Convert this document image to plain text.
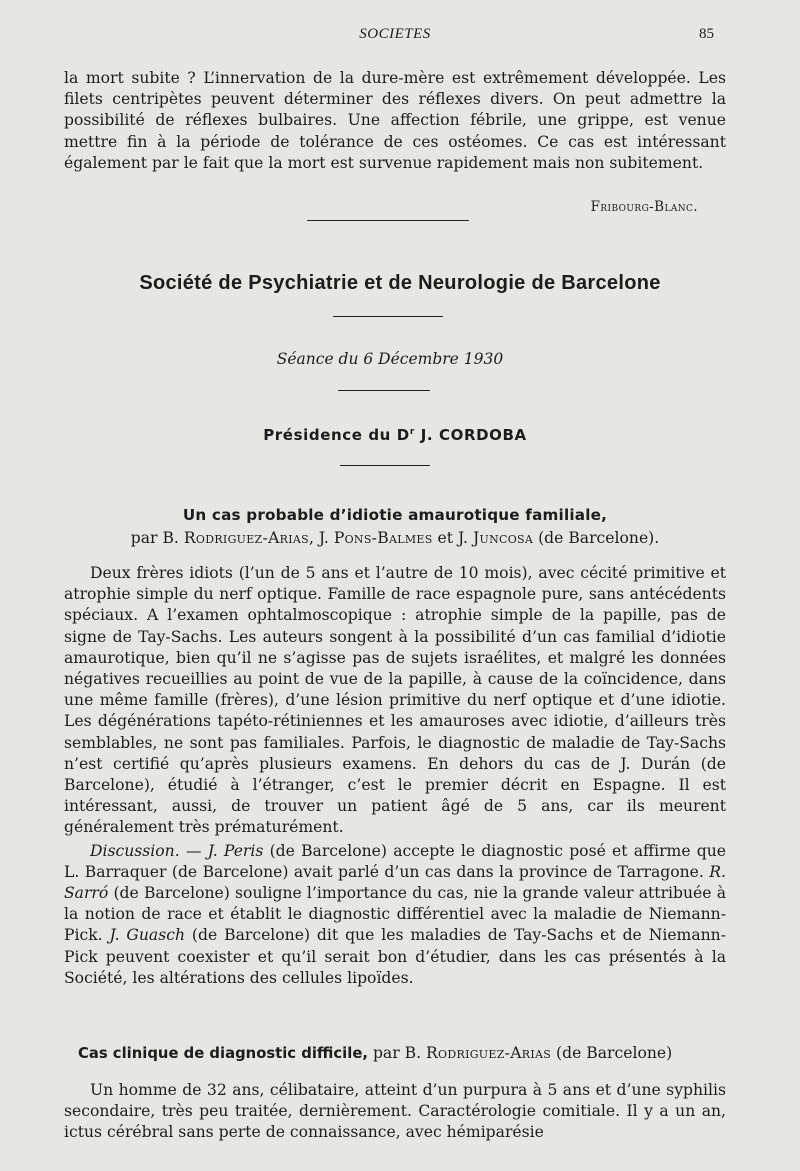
SOCIETES	85

la mort subite ? L’innervation de la dure-mère est extrêmement développée. Les filets centripètes peuvent déterminer des réflexes divers. On peut admettre la possibilité de réflexes bulbaires. Une affection fébrile, une grippe, est venue mettre fin à la période de tolérance de ces ostéomes. Ce cas est intéressant également par le fait que la mort est survenue rapidement mais non subitement.

Fribourg-Blanc.
Société de Psychiatrie et de Neurologie de Barcelone
Séance du 6 Décembre 1930
Présidence du $D^r$ J. CORDOBA
Un cas probable d’idiotie amaurotique familiale,
par B. Rodriguez-Arias, J. Pons-Balmes et J. Juncosa (de Barcelone).

Deux frères idiots (l’un de 5 ans et l’autre de 10 mois), avec cécité primitive et atrophie simple du nerf optique. Famille de race espagnole pure, sans antécédents spéciaux. A l’examen ophtalmoscopique : atrophie simple de la papille, pas de signe de Tay-Sachs. Les auteurs songent à la possibilité d’un cas familial d’idiotie amaurotique, bien qu’il ne s’agisse pas de sujets israélites, et malgré les données négatives recueillies au point de vue de la papille, à cause de la coïncidence, dans une même famille (frères), d’une lésion primitive du nerf optique et d’une idiotie. Les dégénérations tapéto-rétiniennes et les amauroses avec idiotie, d’ailleurs très semblables, ne sont pas familiales. Parfois, le diagnostic de maladie de Tay-Sachs n’est certifié qu’après plusieurs examens. En dehors du cas de J. Durán (de Barcelone), étudié à l’étranger, c’est le premier décrit en Espagne. Il est intéressant, aussi, de trouver un patient âgé de 5 ans, car ils meurent généralement très prématurément.

Discussion. — J. Peris (de Barcelone) accepte le diagnostic posé et affirme que L. Barraquer (de Barcelone) avait parlé d’un cas dans la province de Tarragone. R. Sarró (de Barcelone) souligne l’importance du cas, nie la grande valeur attribuée à la notion de race et établit le diagnostic différentiel avec la maladie de Niemann-Pick. J. Guasch (de Barcelone) dit que les maladies de Tay-Sachs et de Niemann-Pick peuvent coexister et qu’il serait bon d’étudier, dans les cas présentés à la Société, les altérations des cellules lipoïdes.

Cas clinique de diagnostic difficile, par B. Rodriguez-Arias (de Barcelone)

Un homme de 32 ans, célibataire, atteint d’un purpura à 5 ans et d’une syphilis secondaire, très peu traitée, dernièrement. Caractérologie comitiale. Il y a un an, ictus cérébral sans perte de connaissance, avec hémiparésie
